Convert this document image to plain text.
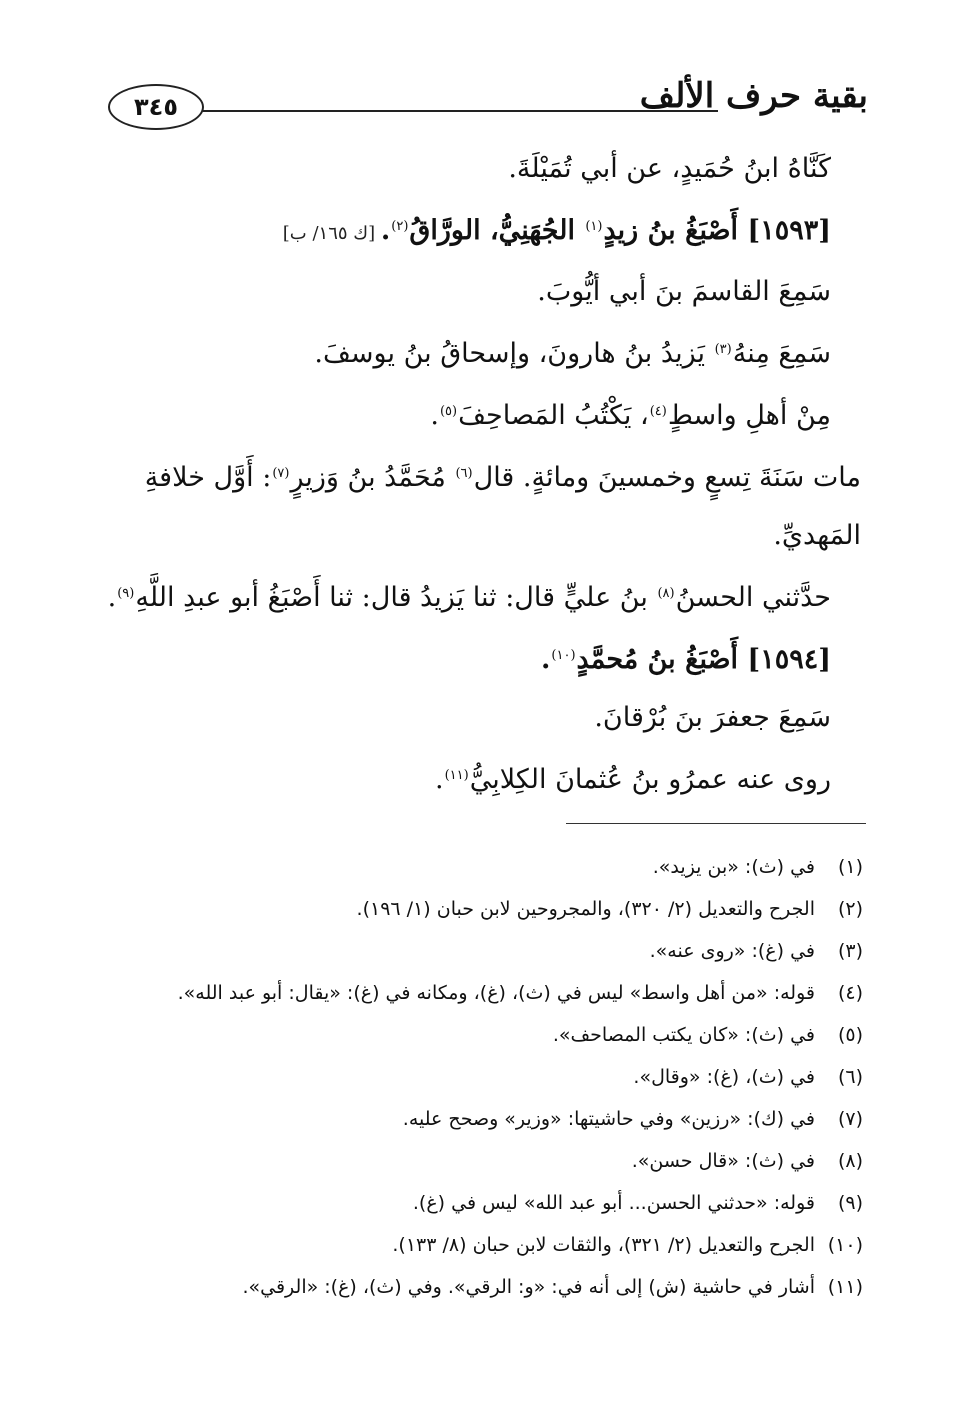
٣٤٥	بقية حرف الألف

كَنَّاهُ ابنُ حُمَيدٍ، عن أبي تُمَيْلَةَ.

[١٥٩٣] أَصْبَغُ بنُ زيدٍ$^{(١)}$ الجُهَنِيُّ، الورَّاقُ$^{(٢)}$. [ك ١٦٥/ ب]

سَمِعَ القاسمَ بنَ أبي أيُّوبَ.

سَمِعَ مِنهُ$^{(٣)}$ يَزيدُ بنُ هارونَ، وإسحاقُ بنُ يوسفَ.

مِنْ أهلِ واسطٍ$^{(٤)}$، يَكْتُبُ المَصاحِفَ$^{(٥)}$.

مات سَنَةَ تِسعٍ وخمسينَ ومائةٍ. قال$^{(٦)}$ مُحَمَّدُ بنُ وَزيرٍ$^{(٧)}$: أَوَّل خلافةِ

المَهديِّ.

حدَّثني الحسنُ$^{(٨)}$ بنُ عليٍّ قال: ثنا يَزيدُ قال: ثنا أَصْبَغُ أبو عبدِ اللَّهِ$^{(٩)}$.

[١٥٩٤] أَصْبَغُ بنُ مُحمَّدٍ$^{(١٠)}$.

سَمِعَ جعفرَ بنَ بُرْقانَ.

روى عنه عمرُو بنُ عُثمانَ الكِلابِيُّ$^{(١١)}$.

(١)
في (ث): «بن يزيد».
(٢)
الجرح والتعديل (٢/ ٣٢٠)، والمجروحين لابن حبان (١/ ١٩٦).
(٣)
في (غ): «روى عنه».
(٤)
قوله: «من أهل واسط» ليس في (ث)، (غ)، ومكانه في (غ): «يقال: أبو عبد الله».
(٥)
في (ث): «كان يكتب المصاحف».
(٦)
في (ث)، (غ): «وقال».
(٧)
في (ك): «رزين» وفي حاشيتها: «وزير» وصحح عليه.
(٨)
في (ث): «قال حسن».
(٩)
قوله: «حدثني الحسن... أبو عبد الله» ليس في (غ).
(١٠)
الجرح والتعديل (٢/ ٣٢١)، والثقات لابن حبان (٨/ ١٣٣).
(١١)
أشار في حاشية (ش) إلى أنه في: «و: الرقي». وفي (ث)، (غ): «الرقي».
